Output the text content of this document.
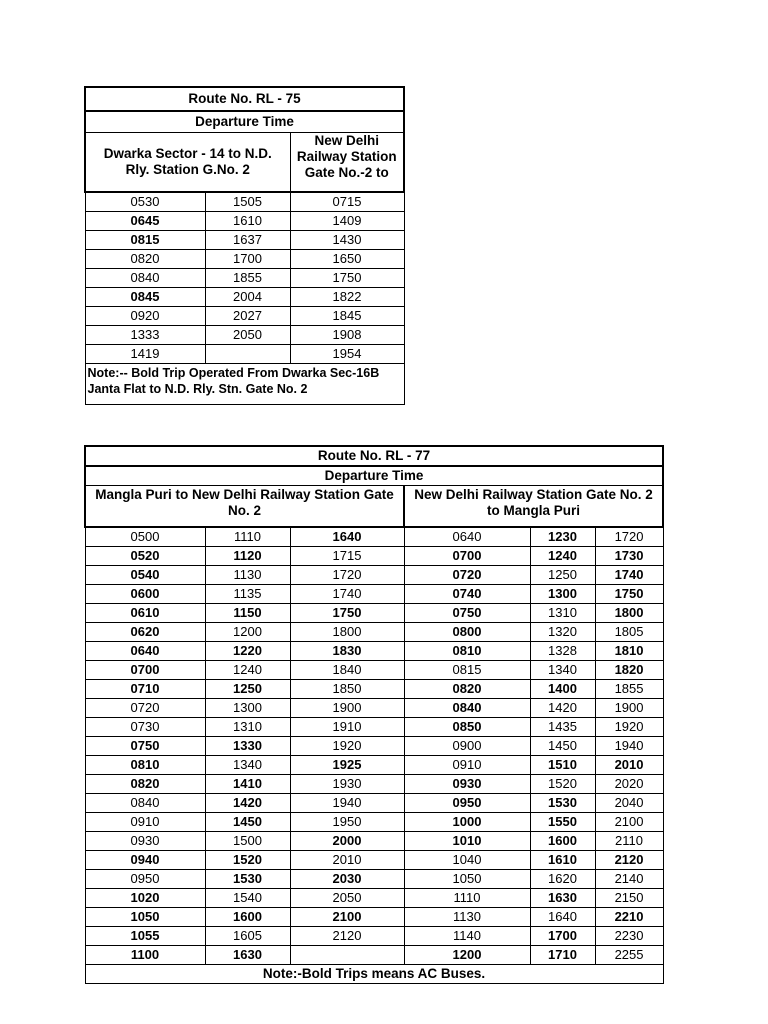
Route No. RL - 75		
Departure Time		
Dwarka Sector - 14 to N.D. Rly. Station G.No. 2		New Delhi Railway Station Gate No.-2 to

0530	1505	0715
0645	1610	1409
0815	1637	1430
0820	1700	1650
0840	1855	1750
0845	2004	1822
0920	2027	1845
1333	2050	1908
1419		1954
Note:-- Bold Trip Operated From Dwarka Sec-16B Janta Flat to N.D. Rly. Stn. Gate No. 2		
Route No. RL - 77					
Departure Time					
Mangla Puri to New Delhi Railway Station Gate No. 2			New Delhi Railway Station Gate No. 2 to Mangla Puri		
0500	1110	1640	0640	1230	1720
0520	1120	1715	0700	1240	1730
0540	1130	1720	0720	1250	1740
0600	1135	1740	0740	1300	1750
0610	1150	1750	0750	1310	1800
0620	1200	1800	0800	1320	1805
0640	1220	1830	0810	1328	1810
0700	1240	1840	0815	1340	1820
0710	1250	1850	0820	1400	1855
0720	1300	1900	0840	1420	1900
0730	1310	1910	0850	1435	1920
0750	1330	1920	0900	1450	1940
0810	1340	1925	0910	1510	2010
0820	1410	1930	0930	1520	2020
0840	1420	1940	0950	1530	2040
0910	1450	1950	1000	1550	2100
0930	1500	2000	1010	1600	2110
0940	1520	2010	1040	1610	2120
0950	1530	2030	1050	1620	2140
1020	1540	2050	1110	1630	2150
1050	1600	2100	1130	1640	2210
1055	1605	2120	1140	1700	2230
1100	1630		1200	1710	2255
Note:-Bold Trips means AC Buses.					
